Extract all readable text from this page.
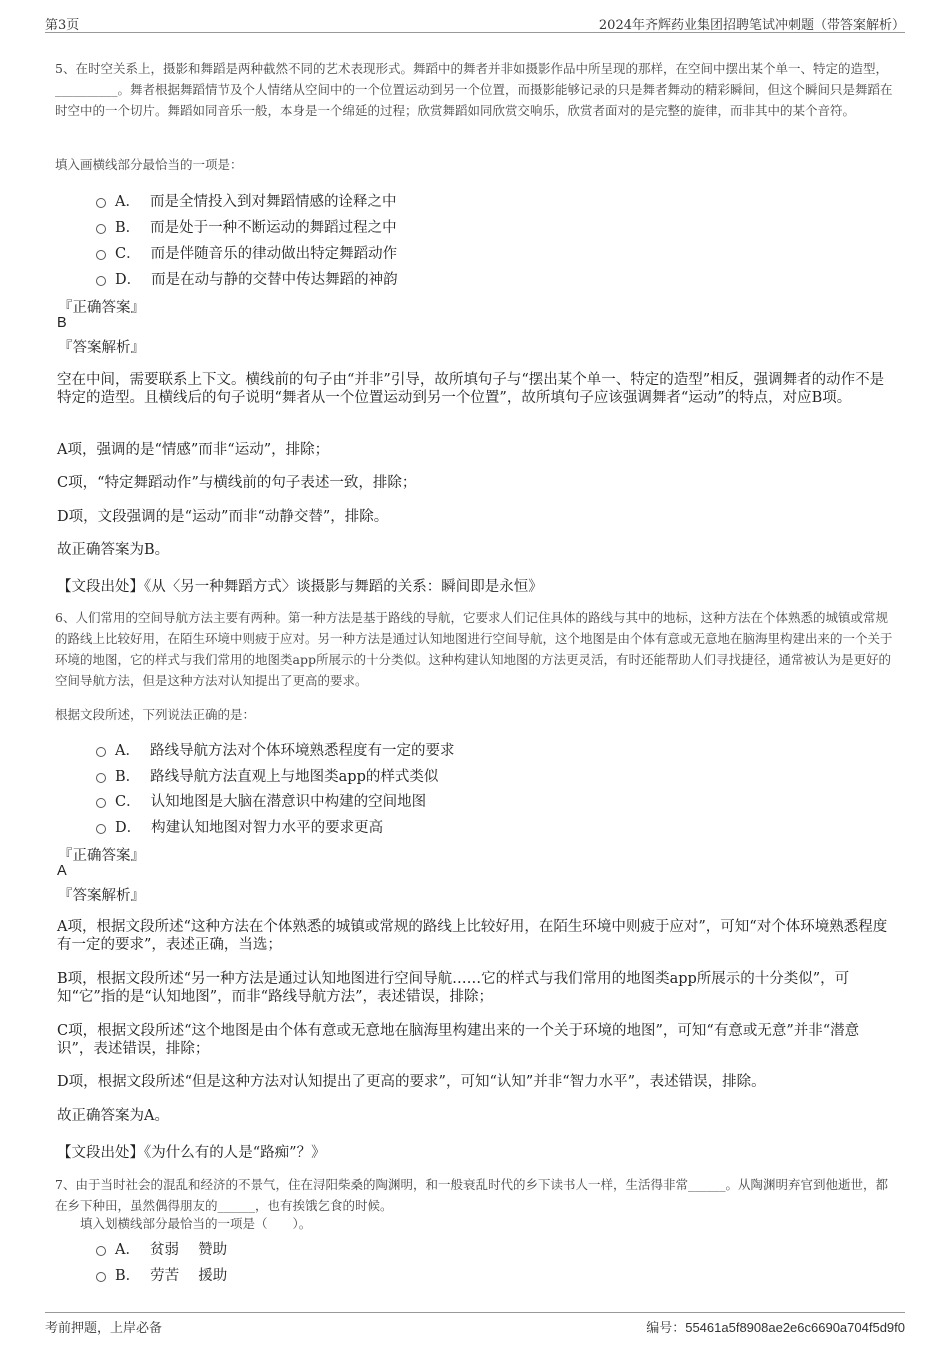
第3页	2024年齐辉药业集团招聘笔试冲刺题（带答案解析）
5、在时空关系上，摄影和舞蹈是两种截然不同的艺术表现形式。舞蹈中的舞者并非如摄影作品中所呈现的那样，在空间中摆出某个单一、特定的造型，__________。舞者根据舞蹈情节及个人情绪从空间中的一个位置运动到另一个位置，而摄影能够记录的只是舞者舞动的精彩瞬间，但这个瞬间只是舞蹈在时空中的一个切片。舞蹈如同音乐一般，本身是一个绵延的过程；欣赏舞蹈如同欣赏交响乐，欣赏者面对的是完整的旋律，而非其中的某个音符。
填入画横线部分最恰当的一项是：
A． 而是全情投入到对舞蹈情感的诠释之中
B． 而是处于一种不断运动的舞蹈过程之中
C． 而是伴随音乐的律动做出特定舞蹈动作
D． 而是在动与静的交替中传达舞蹈的神韵
『正确答案』
B
『答案解析』
空在中间，需要联系上下文。横线前的句子由“并非”引导，故所填句子与“摆出某个单一、特定的造型”相反，强调舞者的动作不是特定的造型。且横线后的句子说明“舞者从一个位置运动到另一个位置”，故所填句子应该强调舞者“运动”的特点，对应B项。
A项，强调的是“情感”而非“运动”，排除；
C项，“特定舞蹈动作”与横线前的句子表述一致，排除；
D项，文段强调的是“运动”而非“动静交替”，排除。
故正确答案为B。
【文段出处】《从〈另一种舞蹈方式〉谈摄影与舞蹈的关系：瞬间即是永恒》
6、人们常用的空间导航方法主要有两种。第一种方法是基于路线的导航，它要求人们记住具体的路线与其中的地标，这种方法在个体熟悉的城镇或常规的路线上比较好用，在陌生环境中则疲于应对。另一种方法是通过认知地图进行空间导航，这个地图是由个体有意或无意地在脑海里构建出来的一个关于环境的地图，它的样式与我们常用的地图类app所展示的十分类似。这种构建认知地图的方法更灵活，有时还能帮助人们寻找捷径，通常被认为是更好的空间导航方法，但是这种方法对认知提出了更高的要求。
根据文段所述，下列说法正确的是：
A． 路线导航方法对个体环境熟悉程度有一定的要求
B． 路线导航方法直观上与地图类app的样式类似
C． 认知地图是大脑在潜意识中构建的空间地图
D． 构建认知地图对智力水平的要求更高
『正确答案』
A
『答案解析』
A项，根据文段所述“这种方法在个体熟悉的城镇或常规的路线上比较好用，在陌生环境中则疲于应对”，可知“对个体环境熟悉程度有一定的要求”，表述正确，当选；
B项，根据文段所述“另一种方法是通过认知地图进行空间导航……它的样式与我们常用的地图类app所展示的十分类似”，可知“它”指的是“认知地图”，而非“路线导航方法”，表述错误，排除；
C项，根据文段所述“这个地图是由个体有意或无意地在脑海里构建出来的一个关于环境的地图”，可知“有意或无意”并非“潜意识”，表述错误，排除；
D项，根据文段所述“但是这种方法对认知提出了更高的要求”，可知“认知”并非“智力水平”，表述错误，排除。
故正确答案为A。
【文段出处】《为什么有的人是“路痴”？》
7、由于当时社会的混乱和经济的不景气，住在浔阳柴桑的陶渊明，和一般衰乱时代的乡下读书人一样，生活得非常______。从陶渊明弃官到他逝世，都在乡下种田，虽然偶得朋友的______，也有挨饿乞食的时候。
填入划横线部分最恰当的一项是（　　）。
A． 贫弱　 赞助
B． 劳苦　 援助
考前押题，上岸必备	编号：55461a5f8908ae2e6c6690a704f5d9f0
